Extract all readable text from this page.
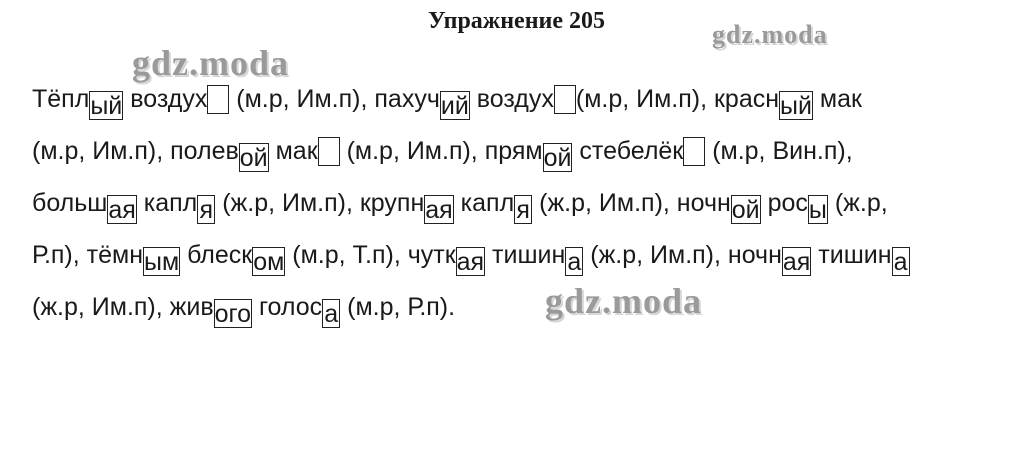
Упражнение 205
gdz.moda
gdz.moda
gdz.moda
Тёплый воздух (м.р, Им.п), пахучий воздух (м.р, Им.п), красный мак
(м.р, Им.п), полевой мак (м.р, Им.п), прямой стебелёк (м.р, Вин.п),
большая капля (ж.р, Им.п), крупная капля (ж.р, Им.п), ночной росы (ж.р,
Р.п), тёмным блеском (м.р, Т.п), чуткая тишина (ж.р, Им.п), ночная тишина
(ж.р, Им.п), живого голоса (м.р, Р.п).
